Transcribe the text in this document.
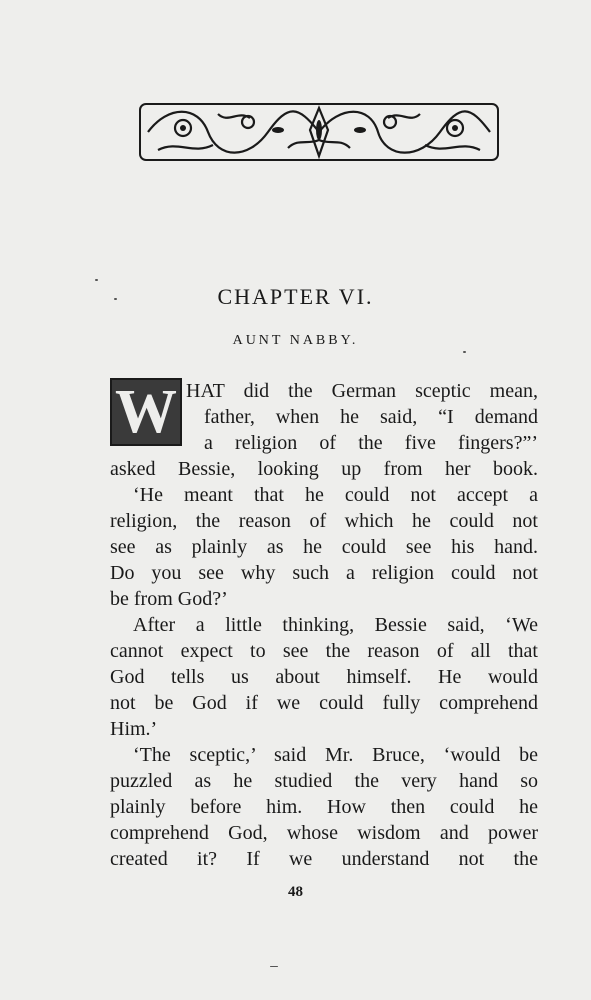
CHAPTER VI.
AUNT NABBY.
W HAT did the German sceptic mean,
father, when he said, “I demand
a religion of the five fingers?”’
asked Bessie, looking up from her book.
‘He meant that he could not accept a
religion, the reason of which he could not
see as plainly as he could see his hand.
Do you see why such a religion could not
be from God?’
After a little thinking, Bessie said, ‘We
cannot expect to see the reason of all that
God tells us about himself. He would
not be God if we could fully comprehend
Him.’
‘The sceptic,’ said Mr. Bruce, ‘would be
puzzled as he studied the very hand so
plainly before him. How then could he
comprehend God, whose wisdom and power
created it? If we understand not the
48
